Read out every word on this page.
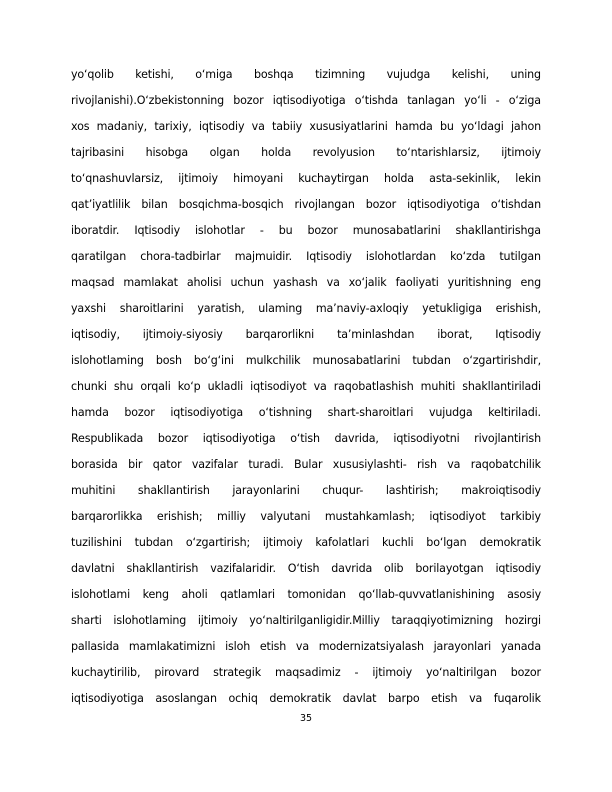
yo‘qolib ketishi, o‘miga boshqa tizimning vujudga kelishi, uning
rivojlanishi).O‘zbekistonning bozor iqtisodiyotiga o‘tishda tanlagan yo‘li - o‘ziga
xos madaniy, tarixiy, iqtisodiy va tabiiy xususiyatlarini hamda bu yo‘ldagi jahon
tajribasini hisobga olgan holda revolyusion to‘ntarishlarsiz, ijtimoiy
to‘qnashuvlarsiz, ijtimoiy himoyani kuchaytirgan holda asta-sekinlik, lekin
qat’iyatlilik bilan bosqichma-bosqich rivojlangan bozor iqtisodiyotiga o‘tishdan
iboratdir. Iqtisodiy islohotlar - bu bozor munosabatlarini shakllantirishga
qaratilgan chora-tadbirlar majmuidir. Iqtisodiy islohotlardan ko‘zda tutilgan
maqsad mamlakat aholisi uchun yashash va xo‘jalik faoliyati yuritishning eng
yaxshi sharoitlarini yaratish, ulaming ma’naviy-axloqiy yetukligiga erishish,
iqtisodiy, ijtimoiy-siyosiy barqarorlikni ta’minlashdan iborat, Iqtisodiy
islohotlaming bosh bo‘g‘ini mulkchilik munosabatlarini tubdan o‘zgartirishdir,
chunki shu orqali ko‘p ukladli iqtisodiyot va raqobatlashish muhiti shakllantiriladi
hamda bozor iqtisodiyotiga o‘tishning shart-sharoitlari vujudga keltiriladi.
Respublikada bozor iqtisodiyotiga o‘tish davrida, iqtisodiyotni rivojlantirish
borasida bir qator vazifalar turadi. Bular xususiylashti- rish va raqobatchilik
muhitini shakllantirish jarayonlarini chuqur- lashtirish; makroiqtisodiy
barqarorlikka erishish; milliy valyutani mustahkamlash; iqtisodiyot tarkibiy
tuzilishini tubdan o‘zgartirish; ijtimoiy kafolatlari kuchli bo‘lgan demokratik
davlatni shakllantirish vazifalaridir. O‘tish davrida olib borilayotgan iqtisodiy
islohotlami keng aholi qatlamlari tomonidan qo‘llab-quvvatlanishining asosiy
sharti islohotlaming ijtimoiy yo‘naltirilganligidir.Milliy taraqqiyotimizning hozirgi
pallasida mamlakatimizni isloh etish va modernizatsiyalash jarayonlari yanada
kuchaytirilib, pirovard strategik maqsadimiz - ijtimoiy yo‘naltirilgan bozor
iqtisodiyotiga asoslangan ochiq demokratik davlat barpo etish va fuqarolik
35
